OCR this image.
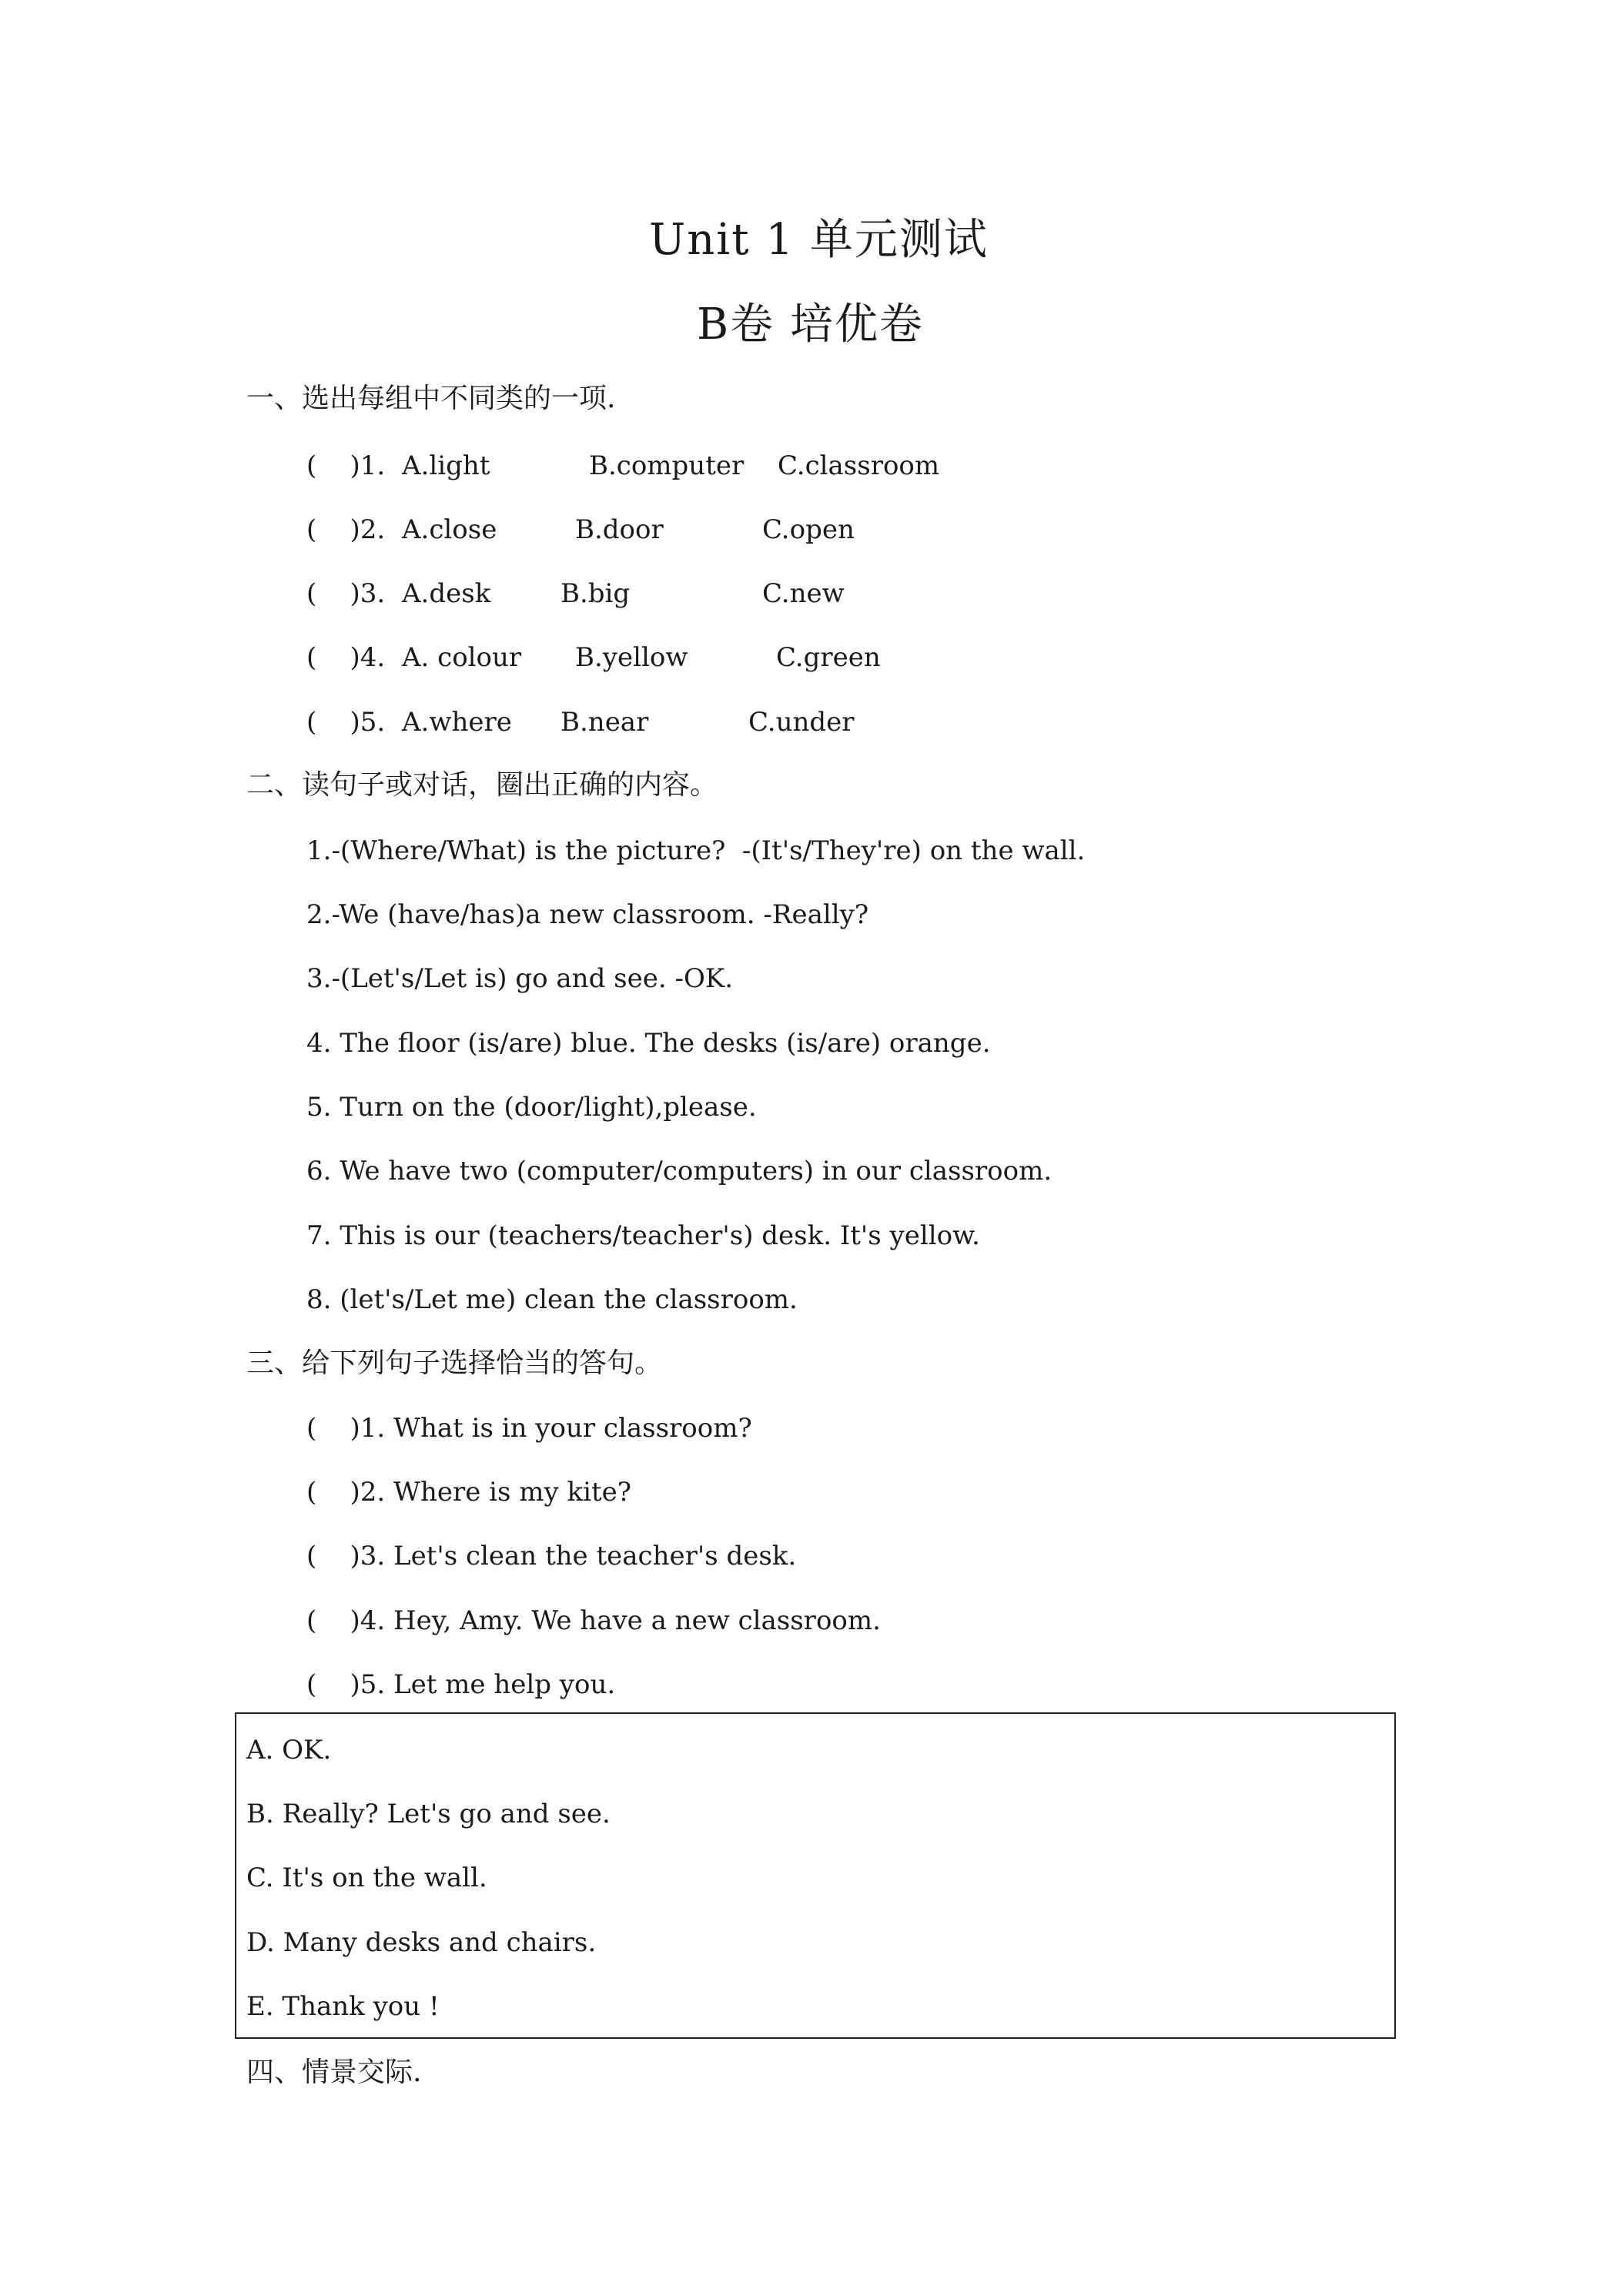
Unit 1 单元测试
B卷 培优卷
一、选出每组中不同类的一项.
(    )1. A.light	B.computer C.classroom
(    )2. A.close	B.door	C.open
(    )3. A.desk	B.big	C.new
(    )4. A. colour B.yellow	C.green
(    )5. A.where B.near	C.under
二、读句子或对话，圈出正确的内容。
1.-(Where/What) is the picture?  -(It's/They're) on the wall.
2.-We (have/has)a new classroom. -Really?
3.-(Let's/Let is) go and see. -OK.
4. The floor (is/are) blue. The desks (is/are) orange.
5. Turn on the (door/light),please.
6. We have two (computer/computers) in our classroom.
7. This is our (teachers/teacher's) desk. It's yellow.
8. (let's/Let me) clean the classroom.
三、给下列句子选择恰当的答句。
(    )1. What is in your classroom?
(    )2. Where is my kite?
(    )3. Let's clean the teacher's desk.
(    )4. Hey, Amy. We have a new classroom.
(    )5. Let me help you.
A. OK.
B. Really? Let's go and see.
C. It's on the wall.
D. Many desks and chairs.
E. Thank you !
四、情景交际.
